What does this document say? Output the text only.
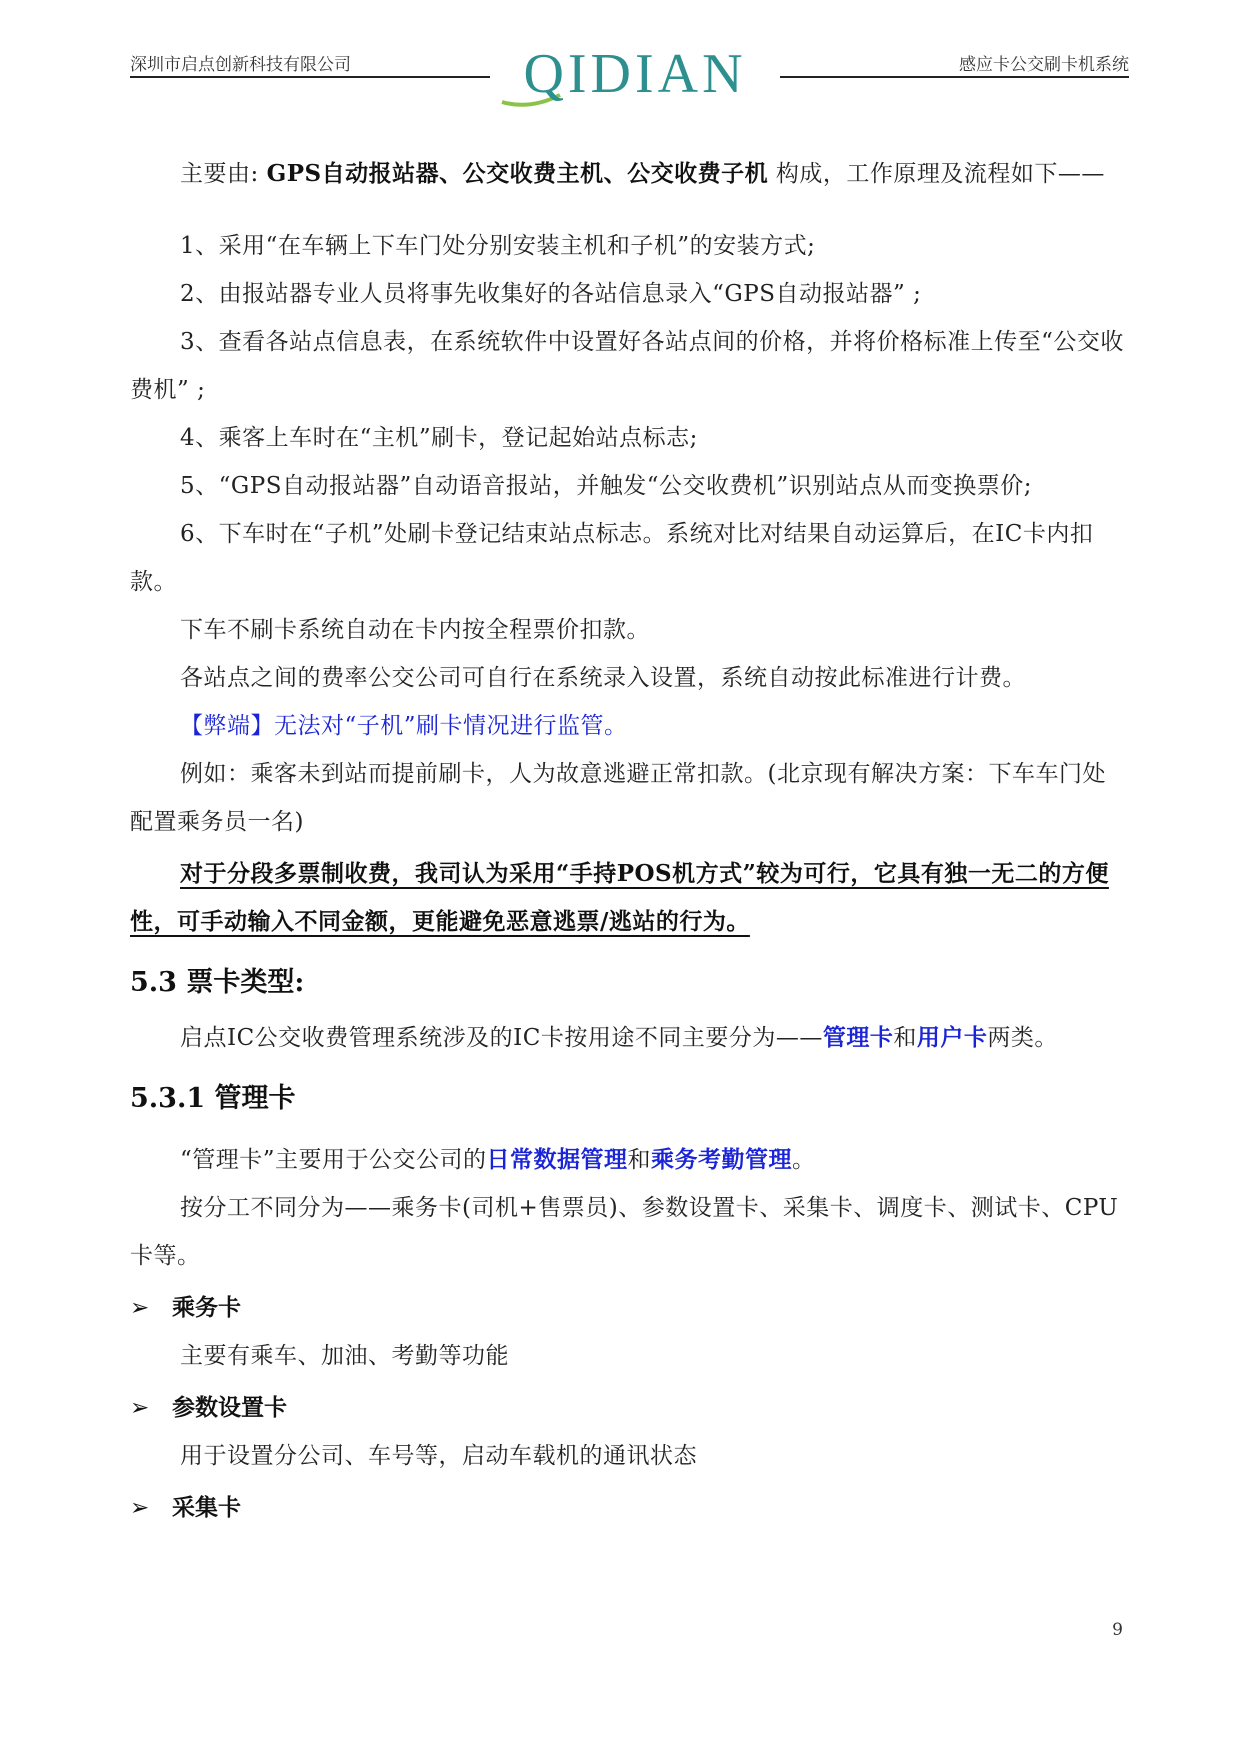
深圳市启点创新科技有限公司	QIDIAN	感应卡公交刷卡机系统

主要由: GPS自动报站器、公交收费主机、公交收费子机 构成，工作原理及流程如下——

1、采用“在车辆上下车门处分别安装主机和子机”的安装方式;

2、由报站器专业人员将事先收集好的各站信息录入“GPS自动报站器” ;

3、查看各站点信息表，在系统软件中设置好各站点间的价格，并将价格标准上传至“公交收费机” ;

4、乘客上车时在“主机”刷卡，登记起始站点标志;

5、“GPS自动报站器”自动语音报站，并触发“公交收费机”识别站点从而变换票价;

6、下车时在“子机”处刷卡登记结束站点标志。系统对比对结果自动运算后，在IC卡内扣款。

下车不刷卡系统自动在卡内按全程票价扣款。

各站点之间的费率公交公司可自行在系统录入设置，系统自动按此标准进行计费。

【弊端】无法对“子机”刷卡情况进行监管。

例如：乘客未到站而提前刷卡，人为故意逃避正常扣款。(北京现有解决方案：下车车门处配置乘务员一名)

对于分段多票制收费，我司认为采用“手持POS机方式”较为可行，它具有独一无二的方便性，可手动输入不同金额，更能避免恶意逃票/逃站的行为。

5.3 票卡类型:

启点IC公交收费管理系统涉及的IC卡按用途不同主要分为——管理卡和用户卡两类。

5.3.1 管理卡

“管理卡”主要用于公交公司的日常数据管理和乘务考勤管理。

按分工不同分为——乘务卡(司机+售票员)、参数设置卡、采集卡、调度卡、测试卡、CPU卡等。

➢ 乘务卡

主要有乘车、加油、考勤等功能

➢ 参数设置卡

用于设置分公司、车号等，启动车载机的通讯状态

➢ 采集卡
9
